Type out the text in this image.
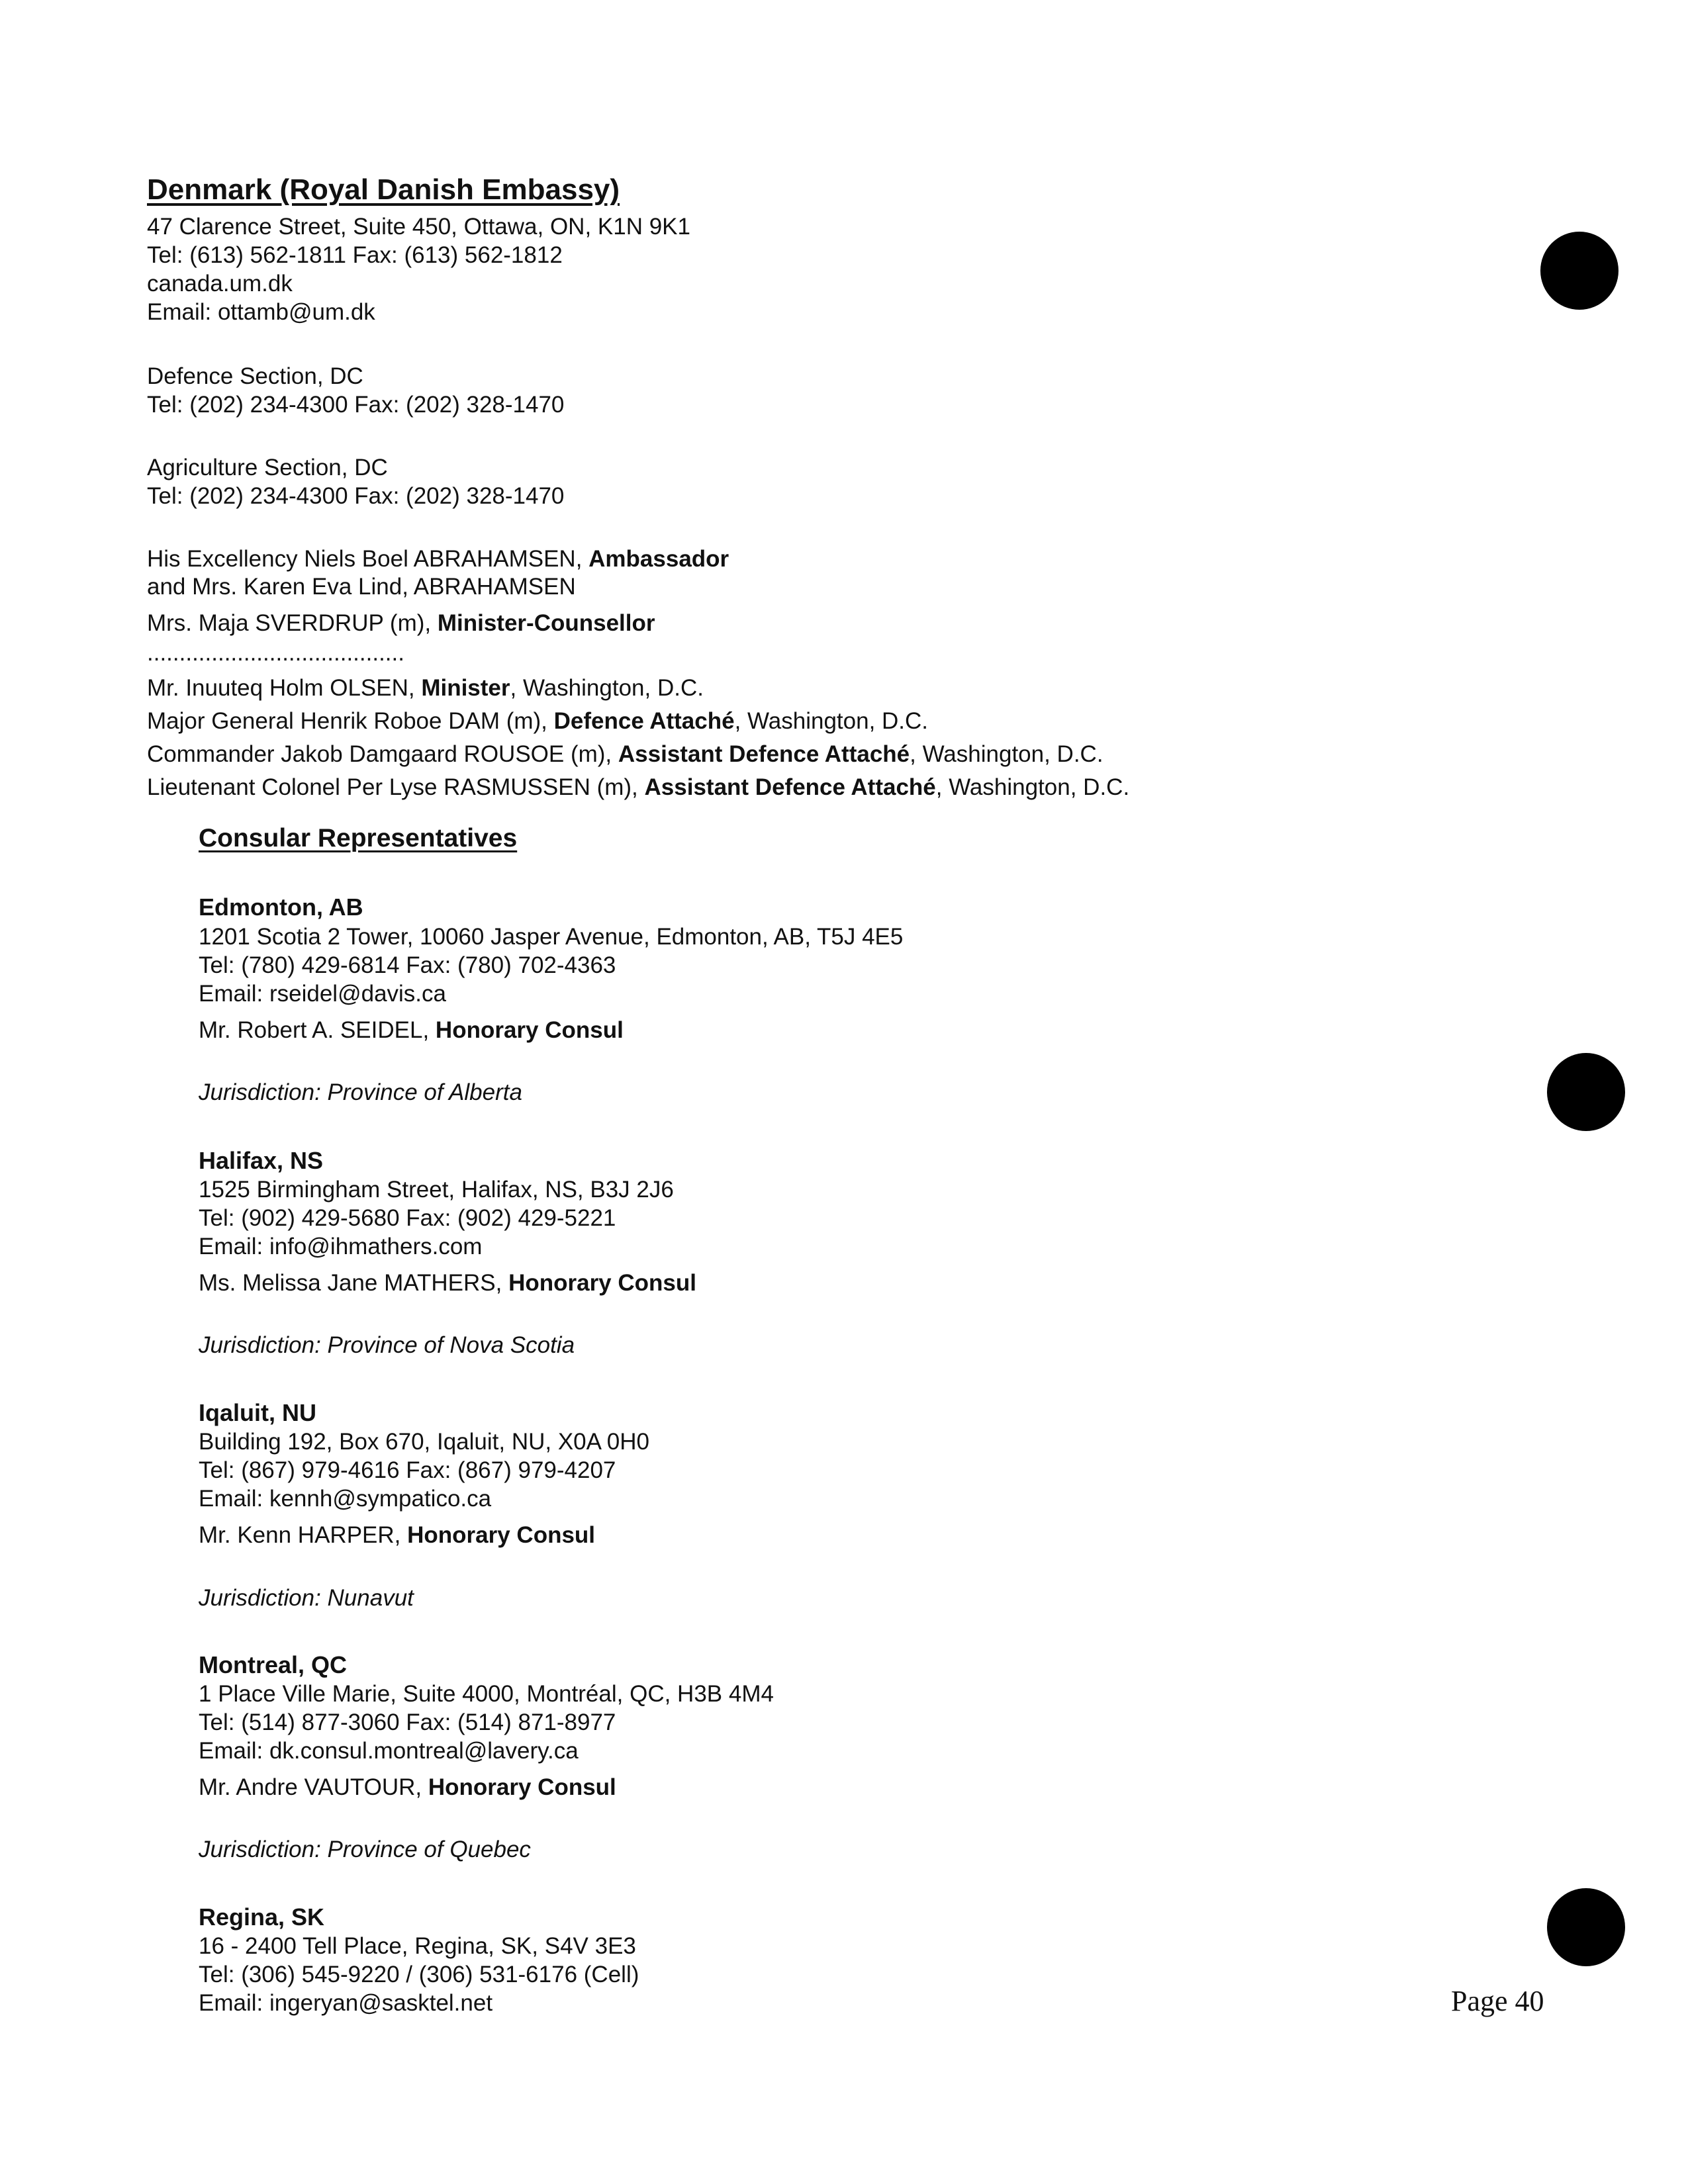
Denmark (Royal Danish Embassy)
47 Clarence Street, Suite 450, Ottawa, ON, K1N 9K1
Tel: (613) 562-1811 Fax: (613) 562-1812
canada.um.dk
Email: ottamb@um.dk
Defence Section, DC
Tel: (202) 234-4300 Fax: (202) 328-1470
Agriculture Section, DC
Tel: (202) 234-4300 Fax: (202) 328-1470
His Excellency Niels Boel ABRAHAMSEN, Ambassador
and Mrs. Karen Eva Lind, ABRAHAMSEN
Mrs. Maja SVERDRUP (m), Minister-Counsellor
........................................
Mr. Inuuteq Holm OLSEN, Minister, Washington, D.C.
Major General Henrik Roboe DAM (m), Defence Attaché, Washington, D.C.
Commander Jakob Damgaard ROUSOE (m), Assistant Defence Attaché, Washington, D.C.
Lieutenant Colonel Per Lyse RASMUSSEN (m), Assistant Defence Attaché, Washington, D.C.
Consular Representatives
Edmonton, AB
1201 Scotia 2 Tower, 10060 Jasper Avenue, Edmonton, AB, T5J 4E5
Tel: (780) 429-6814 Fax: (780) 702-4363
Email: rseidel@davis.ca
Mr. Robert A. SEIDEL, Honorary Consul
Jurisdiction: Province of Alberta
Halifax, NS
1525 Birmingham Street, Halifax, NS, B3J 2J6
Tel: (902) 429-5680 Fax: (902) 429-5221
Email: info@ihmathers.com
Ms. Melissa Jane MATHERS, Honorary Consul
Jurisdiction: Province of Nova Scotia
Iqaluit, NU
Building 192, Box 670, Iqaluit, NU, X0A 0H0
Tel: (867) 979-4616 Fax: (867) 979-4207
Email: kennh@sympatico.ca
Mr. Kenn HARPER, Honorary Consul
Jurisdiction: Nunavut
Montreal, QC
1 Place Ville Marie, Suite 4000, Montréal, QC, H3B 4M4
Tel: (514) 877-3060 Fax: (514) 871-8977
Email: dk.consul.montreal@lavery.ca
Mr. Andre VAUTOUR, Honorary Consul
Jurisdiction: Province of Quebec
Regina, SK
16 - 2400 Tell Place, Regina, SK, S4V 3E3
Tel: (306) 545-9220 / (306) 531-6176 (Cell)
Email: ingeryan@sasktel.net	Page 40
